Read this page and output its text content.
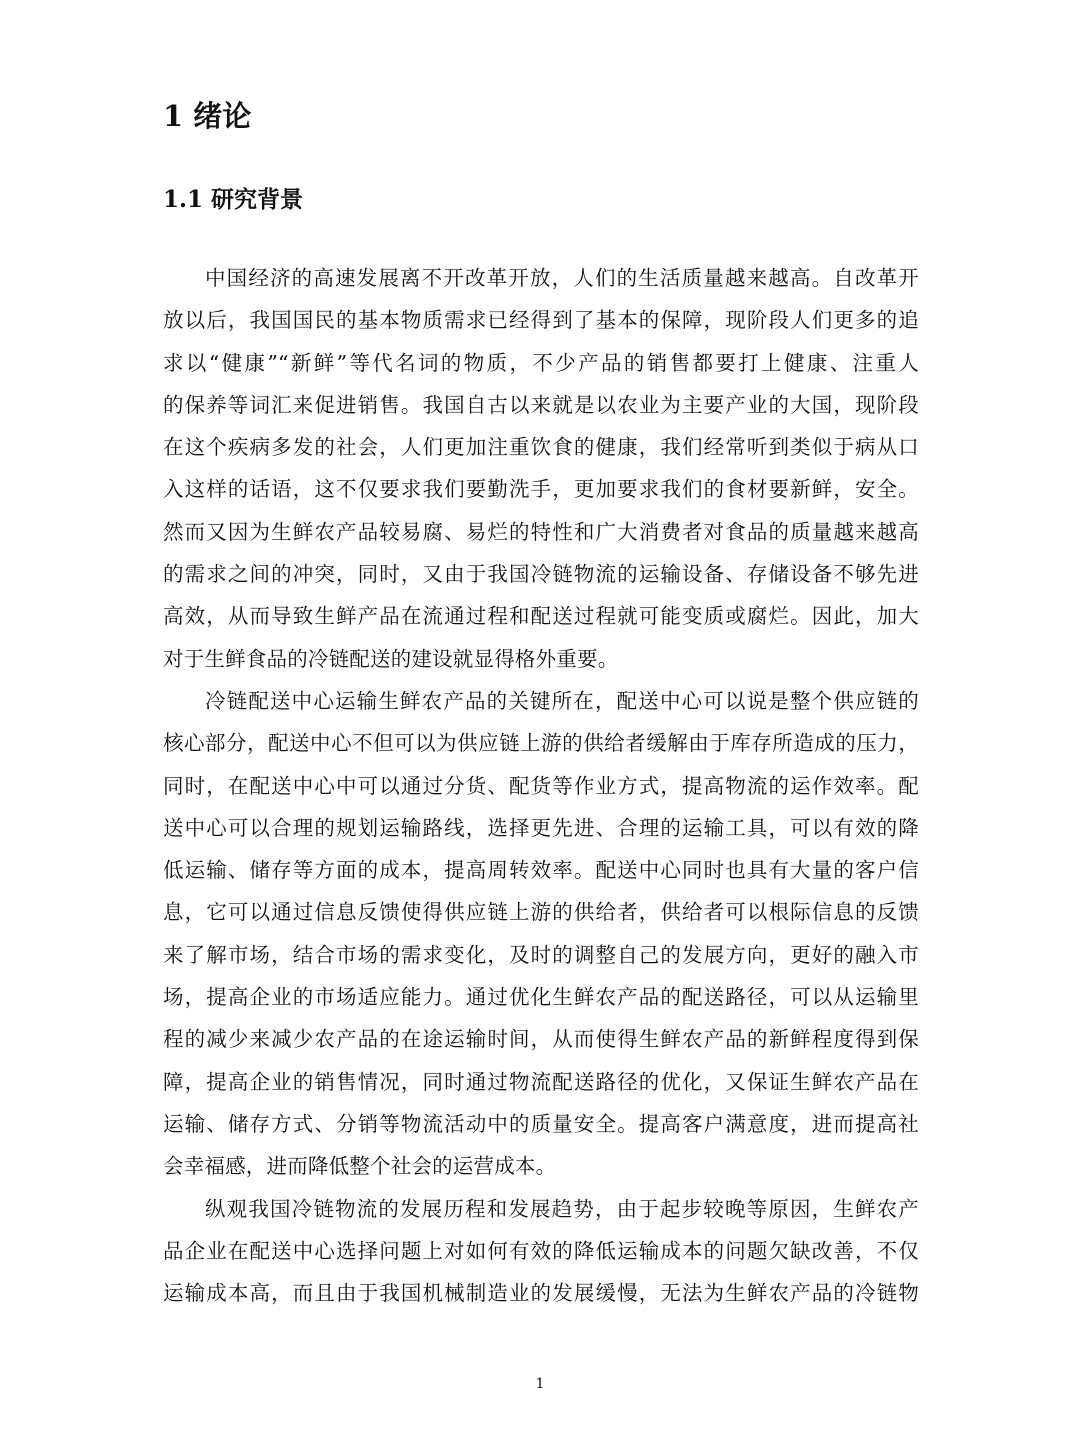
1 绪论
1.1 研究背景

中国经济的高速发展离不开改革开放，人们的生活质量越来越高。自改革开
放以后，我国国民的基本物质需求已经得到了基本的保障，现阶段人们更多的追
求以“健康”“新鲜”等代名词的物质，不少产品的销售都要打上健康、注重人
的保养等词汇来促进销售。我国自古以来就是以农业为主要产业的大国，现阶段
在这个疾病多发的社会，人们更加注重饮食的健康，我们经常听到类似于病从口
入这样的话语，这不仅要求我们要勤洗手，更加要求我们的食材要新鲜，安全。
然而又因为生鲜农产品较易腐、易烂的特性和广大消费者对食品的质量越来越高
的需求之间的冲突，同时，又由于我国冷链物流的运输设备、存储设备不够先进
高效，从而导致生鲜产品在流通过程和配送过程就可能变质或腐烂。因此，加大
对于生鲜食品的冷链配送的建设就显得格外重要。

冷链配送中心运输生鲜农产品的关键所在，配送中心可以说是整个供应链的
核心部分，配送中心不但可以为供应链上游的供给者缓解由于库存所造成的压力，
同时，在配送中心中可以通过分货、配货等作业方式，提高物流的运作效率。配
送中心可以合理的规划运输路线，选择更先进、合理的运输工具，可以有效的降
低运输、储存等方面的成本，提高周转效率。配送中心同时也具有大量的客户信
息，它可以通过信息反馈使得供应链上游的供给者，供给者可以根际信息的反馈
来了解市场，结合市场的需求变化，及时的调整自己的发展方向，更好的融入市
场，提高企业的市场适应能力。通过优化生鲜农产品的配送路径，可以从运输里
程的减少来减少农产品的在途运输时间，从而使得生鲜农产品的新鲜程度得到保
障，提高企业的销售情况，同时通过物流配送路径的优化，又保证生鲜农产品在
运输、储存方式、分销等物流活动中的质量安全。提高客户满意度，进而提高社
会幸福感，进而降低整个社会的运营成本。

纵观我国冷链物流的发展历程和发展趋势，由于起步较晚等原因，生鲜农产
品企业在配送中心选择问题上对如何有效的降低运输成本的问题欠缺改善，不仅
运输成本高，而且由于我国机械制造业的发展缓慢，无法为生鲜农产品的冷链物

1
